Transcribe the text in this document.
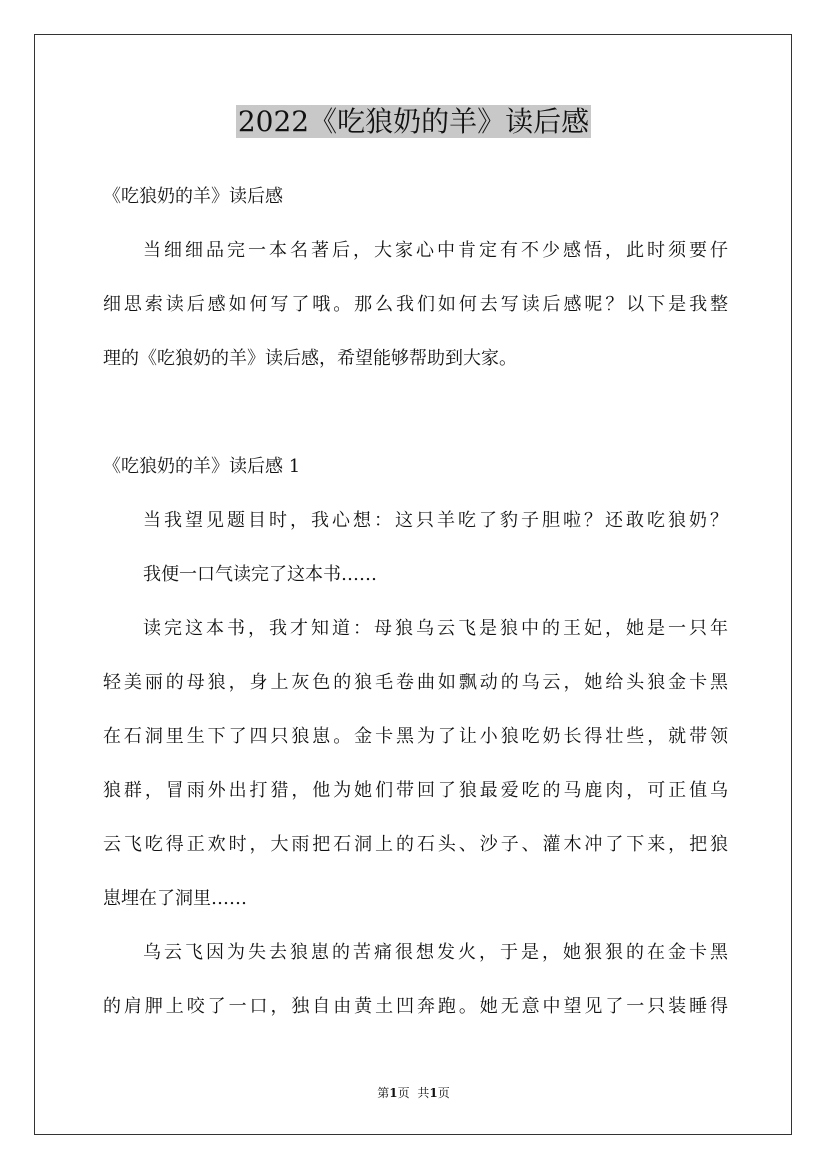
2022《吃狼奶的羊》读后感
《吃狼奶的羊》读后感
当细细品完一本名著后，大家心中肯定有不少感悟，此时须要仔
细思索读后感如何写了哦。那么我们如何去写读后感呢？以下是我整
理的《吃狼奶的羊》读后感，希望能够帮助到大家。
《吃狼奶的羊》读后感 1
当我望见题目时，我心想：这只羊吃了豹子胆啦？还敢吃狼奶？
我便一口气读完了这本书……
读完这本书，我才知道：母狼乌云飞是狼中的王妃，她是一只年
轻美丽的母狼，身上灰色的狼毛卷曲如飘动的乌云，她给头狼金卡黑
在石洞里生下了四只狼崽。金卡黑为了让小狼吃奶长得壮些，就带领
狼群，冒雨外出打猎，他为她们带回了狼最爱吃的马鹿肉，可正值乌
云飞吃得正欢时，大雨把石洞上的石头、沙子、灌木冲了下来，把狼
崽埋在了洞里……
乌云飞因为失去狼崽的苦痛很想发火，于是，她狠狠的在金卡黑
的肩胛上咬了一口，独自由黄土凹奔跑。她无意中望见了一只装睡得
第1页 共1页
